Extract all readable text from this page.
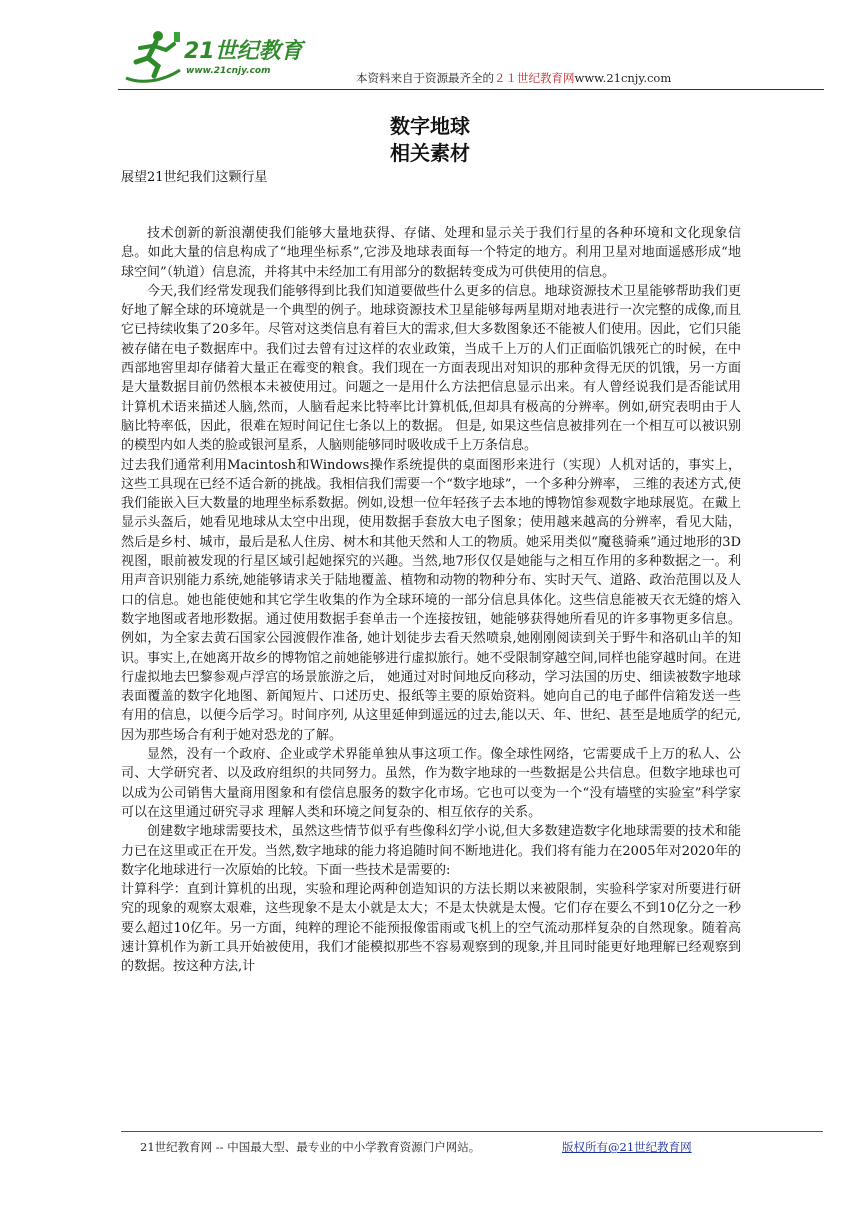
21世纪教育
www.21cnjy.com	本资料来自于资源最齐全的２１世纪教育网www.21cnjy.com
数字地球
相关素材
展望21世纪我们这颗行星

技术创新的新浪潮使我们能够大量地获得、存储、处理和显示关于我们行星的各种环境和文化现象信息。如此大量的信息构成了“地理坐标系”,它涉及地球表面每一个特定的地方。利用卫星对地面遥感形成“地球空间”（轨道）信息流，并将其中未经加工有用部分的数据转变成为可供使用的信息。

今天,我们经常发现我们能够得到比我们知道要做些什么更多的信息。地球资源技术卫星能够帮助我们更好地了解全球的环境就是一个典型的例子。地球资源技术卫星能够每两星期对地表进行一次完整的成像,而且它已持续收集了20多年。尽管对这类信息有着巨大的需求,但大多数图象还不能被人们使用。因此，它们只能被存储在电子数据库中。我们过去曾有过这样的农业政策，当成千上万的人们正面临饥饿死亡的时候，在中西部地窖里却存储着大量正在霉变的粮食。我们现在一方面表现出对知识的那种贪得无厌的饥饿，另一方面是大量数据目前仍然根本未被使用过。问题之一是用什么方法把信息显示出来。有人曾经说我们是否能试用计算机术语来描述人脑,然而，人脑看起来比特率比计算机低,但却具有极高的分辨率。例如,研究表明由于人脑比特率低，因此，很难在短时间记住七条以上的数据。 但是, 如果这些信息被排列在一个相互可以被识别的模型内如人类的脸或银河星系，人脑则能够同时吸收成千上万条信息。

过去我们通常利用Macintosh和Windows操作系统提供的桌面图形来进行（实现）人机对话的，事实上，这些工具现在已经不适合新的挑战。我相信我们需要一个“数字地球”，一个多种分辨率， 三维的表述方式,使我们能嵌入巨大数量的地理坐标系数据。例如,设想一位年轻孩子去本地的博物馆参观数字地球展览。在戴上显示头盔后，她看见地球从太空中出现，使用数据手套放大电子图象；使用越来越高的分辨率，看见大陆，然后是乡村、城市，最后是私人住房、树木和其他天然和人工的物质。她采用类似“魔毯骑乘”通过地形的3D视图，眼前被发现的行星区域引起她探究的兴趣。当然,地7形仅仅是她能与之相互作用的多种数据之一。利用声音识别能力系统,她能够请求关于陆地覆盖、植物和动物的物种分布、实时天气、道路、政治范围以及人口的信息。她也能使她和其它学生收集的作为全球环境的一部分信息具体化。这些信息能被天衣无缝的熔入数字地图或者地形数据。通过使用数据手套单击一个连接按钮，她能够获得她所看见的许多事物更多信息。例如，为全家去黄石国家公园渡假作准备, 她计划徒步去看天然喷泉,她刚刚阅读到关于野牛和洛矶山羊的知识。事实上,在她离开故乡的博物馆之前她能够进行虚拟旅行。她不受限制穿越空间,同样也能穿越时间。在进行虚拟地去巴黎参观卢浮宫的场景旅游之后， 她通过对时间地反向移动，学习法国的历史、细读被数字地球表面覆盖的数字化地图、新闻短片、口述历史、报纸等主要的原始资料。她向自己的电子邮件信箱发送一些有用的信息，以便今后学习。时间序列, 从这里延伸到遥远的过去,能以天、年、世纪、甚至是地质学的纪元,因为那些场合有利于她对恐龙的了解。

显然，没有一个政府、企业或学术界能单独从事这项工作。像全球性网络，它需要成千上万的私人、公司、大学研究者、以及政府组织的共同努力。虽然，作为数字地球的一些数据是公共信息。但数字地球也可以成为公司销售大量商用图象和有偿信息服务的数字化市场。它也可以变为一个“没有墙壁的实验室”科学家可以在这里通过研究寻求 理解人类和环境之间复杂的、相互依存的关系。

创建数字地球需要技术，虽然这些情节似乎有些像科幻学小说,但大多数建造数字化地球需要的技术和能力已在这里或正在开发。当然,数字地球的能力将追随时间不断地进化。我们将有能力在2005年对2020年的数字化地球进行一次原始的比较。下面一些技术是需要的:

计算科学：直到计算机的出现，实验和理论两种创造知识的方法长期以来被限制，实验科学家对所要进行研究的现象的观察太艰难，这些现象不是太小就是太大；不是太快就是太慢。它们存在要么不到10亿分之一秒要么超过10亿年。另一方面，纯粹的理论不能预报像雷雨或飞机上的空气流动那样复杂的自然现象。随着高速计算机作为新工具开始被使用，我们才能模拟那些不容易观察到的现象,并且同时能更好地理解已经观察到的数据。按这种方法,计

21世纪教育网 -- 中国最大型、最专业的中小学教育资源门户网站。	版权所有@21世纪教育网
